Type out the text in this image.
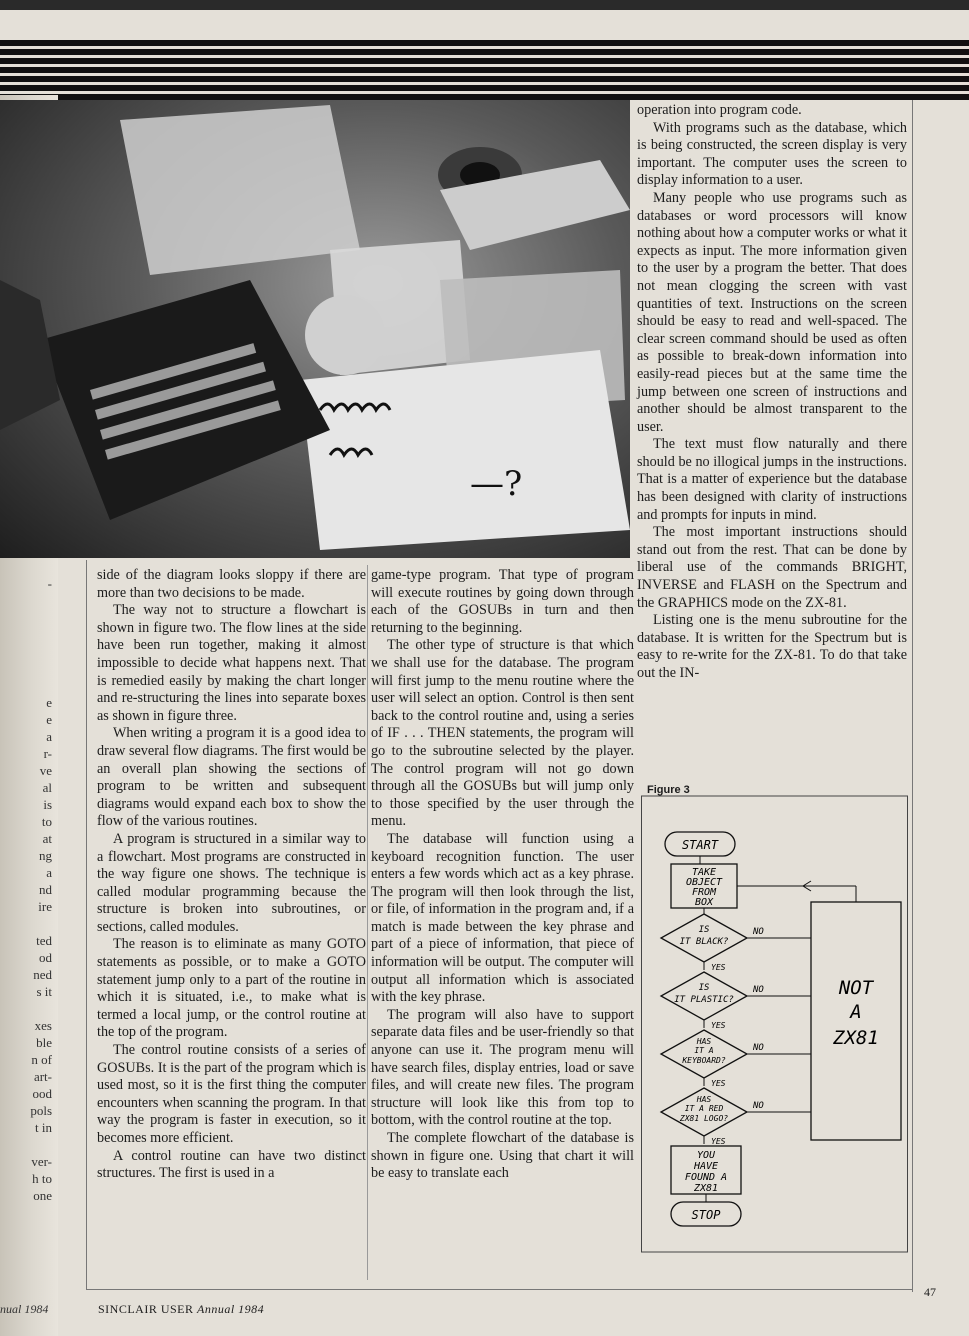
-
e
e
a
r-
ve
al
is
to
at
ng
a
nd
ire
ted
od
ned
s it
xes
ble
n of
art-
ood
pols
t in
ver-
h to
one
nual 1984
—?

operation into program code.

With programs such as the database, which is being constructed, the screen display is very important. The computer uses the screen to display information to a user.

Many people who use programs such as databases or word processors will know nothing about how a computer works or what it expects as input. The more information given to the user by a program the better. That does not mean clogging the screen with vast quantities of text. Instructions on the screen should be easy to read and well-spaced. The clear screen command should be used as often as possible to break-down information into easily-read pieces but at the same time the jump between one screen of instructions and another should be almost transparent to the user.

The text must flow naturally and there should be no illogical jumps in the instructions. That is a matter of experience but the database has been designed with clarity of instructions and prompts for inputs in mind.

The most important instructions should stand out from the rest. That can be done by liberal use of the commands BRIGHT, INVERSE and FLASH on the Spectrum and the GRAPHICS mode on the ZX-81.

Listing one is the menu subroutine for the database. It is written for the Spectrum but is easy to re-write for the ZX-81. To do that take out the IN-

side of the diagram looks sloppy if there are more than two decisions to be made.

The way not to structure a flowchart is shown in figure two. The flow lines at the side have been run together, making it almost impossible to decide what happens next. That is remedied easily by making the chart longer and re-structuring the lines into separate boxes as shown in figure three.

When writing a program it is a good idea to draw several flow diagrams. The first would be an overall plan showing the sections of program to be written and subsequent diagrams would expand each box to show the flow of the various routines.

A program is structured in a similar way to a flowchart. Most programs are constructed in the way figure one shows. The technique is called modular programming because the structure is broken into subroutines, or sections, called modules.

The reason is to eliminate as many GOTO statements as possible, or to make a GOTO statement jump only to a part of the routine in which it is situated, i.e., to make what is termed a local jump, or the control routine at the top of the program.

The control routine consists of a series of GOSUBs. It is the part of the program which is used most, so it is the first thing the computer encounters when scanning the program. In that way the program is faster in execution, so it becomes more efficient.

A control routine can have two distinct structures. The first is used in a

game-type program. That type of program will execute routines by going down through each of the GOSUBs in turn and then returning to the beginning.

The other type of structure is that which we shall use for the database. The program will first jump to the menu routine where the user will select an option. Control is then sent back to the control routine and, using a series of IF . . . THEN statements, the program will go to the subroutine selected by the player. The control program will not go down through all the GOSUBs but will jump only to those specified by the user through the menu.

The database will function using a keyboard recognition function. The user enters a few words which act as a key phrase. The program will then look through the list, or file, of information in the program and, if a match is made between the key phrase and part of a piece of information, that piece of information will be output. The computer will output all information which is associated with the key phrase.

The program will also have to support separate data files and be user-friendly so that anyone can use it. The program menu will have search files, display entries, load or save files, and will create new files. The program structure will look like this from top to bottom, with the control routine at the top.

The complete flowchart of the database is shown in figure one. Using that chart it will be easy to translate each

Figure 3
START
TAKE
OBJECT
FROM
BOX
IS
IT BLACK?
NO
YES
IS
IT PLASTIC?
NO
YES
HAS
IT A
KEYBOARD?
NO
YES
HAS
IT A RED
ZX81 LOGO?
NO
YES
YOU
HAVE
FOUND A
ZX81
STOP
NOT
A
ZX81
SINCLAIR USER Annual 1984
47
